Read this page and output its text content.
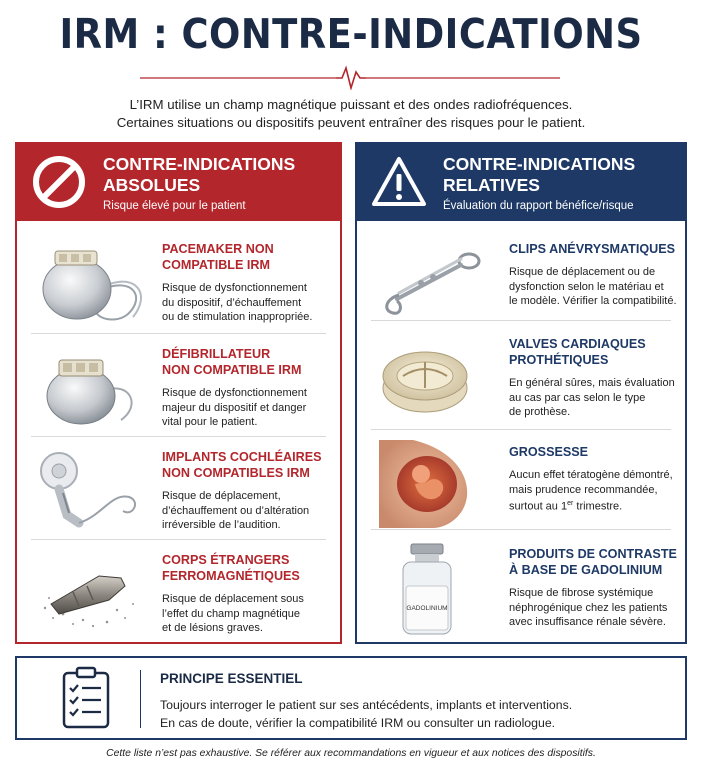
IRM : CONTRE-INDICATIONS
L’IRM utilise un champ magnétique puissant et des ondes radiofréquences.
Certaines situations ou dispositifs peuvent entraîner des risques pour le patient.
CONTRE-INDICATIONS
ABSOLUES
Risque élevé pour le patient
PACEMAKER NON
COMPATIBLE IRM
Risque de dysfonctionnement
du dispositif, d’échauffement
ou de stimulation inappropriée.
DÉFIBRILLATEUR
NON COMPATIBLE IRM
Risque de dysfonctionnement
majeur du dispositif et danger
vital pour le patient.
IMPLANTS COCHLÉAIRES
NON COMPATIBLES IRM
Risque de déplacement,
d’échauffement ou d’altération
irréversible de l’audition.
CORPS ÉTRANGERS
FERROMAGNÉTIQUES
Risque de déplacement sous
l’effet du champ magnétique
et de lésions graves.
CONTRE-INDICATIONS
RELATIVES
Évaluation du rapport bénéfice/risque
CLIPS ANÉVRYSMATIQUES
Risque de déplacement ou de
dysfonction selon le matériau et
le modèle. Vérifier la compatibilité.
VALVES CARDIAQUES
PROTHÉTIQUES
En général sûres, mais évaluation
au cas par cas selon le type
de prothèse.
GROSSESSE
Aucun effet tératogène démontré,
mais prudence recommandée,
surtout au 1er trimestre.
GADOLINIUM
PRODUITS DE CONTRASTE
À BASE DE GADOLINIUM
Risque de fibrose systémique
néphrogénique chez les patients
avec insuffisance rénale sévère.
PRINCIPE ESSENTIEL
Toujours interroger le patient sur ses antécédents, implants et interventions.
En cas de doute, vérifier la compatibilité IRM ou consulter un radiologue.
Cette liste n’est pas exhaustive. Se référer aux recommandations en vigueur et aux notices des dispositifs.
